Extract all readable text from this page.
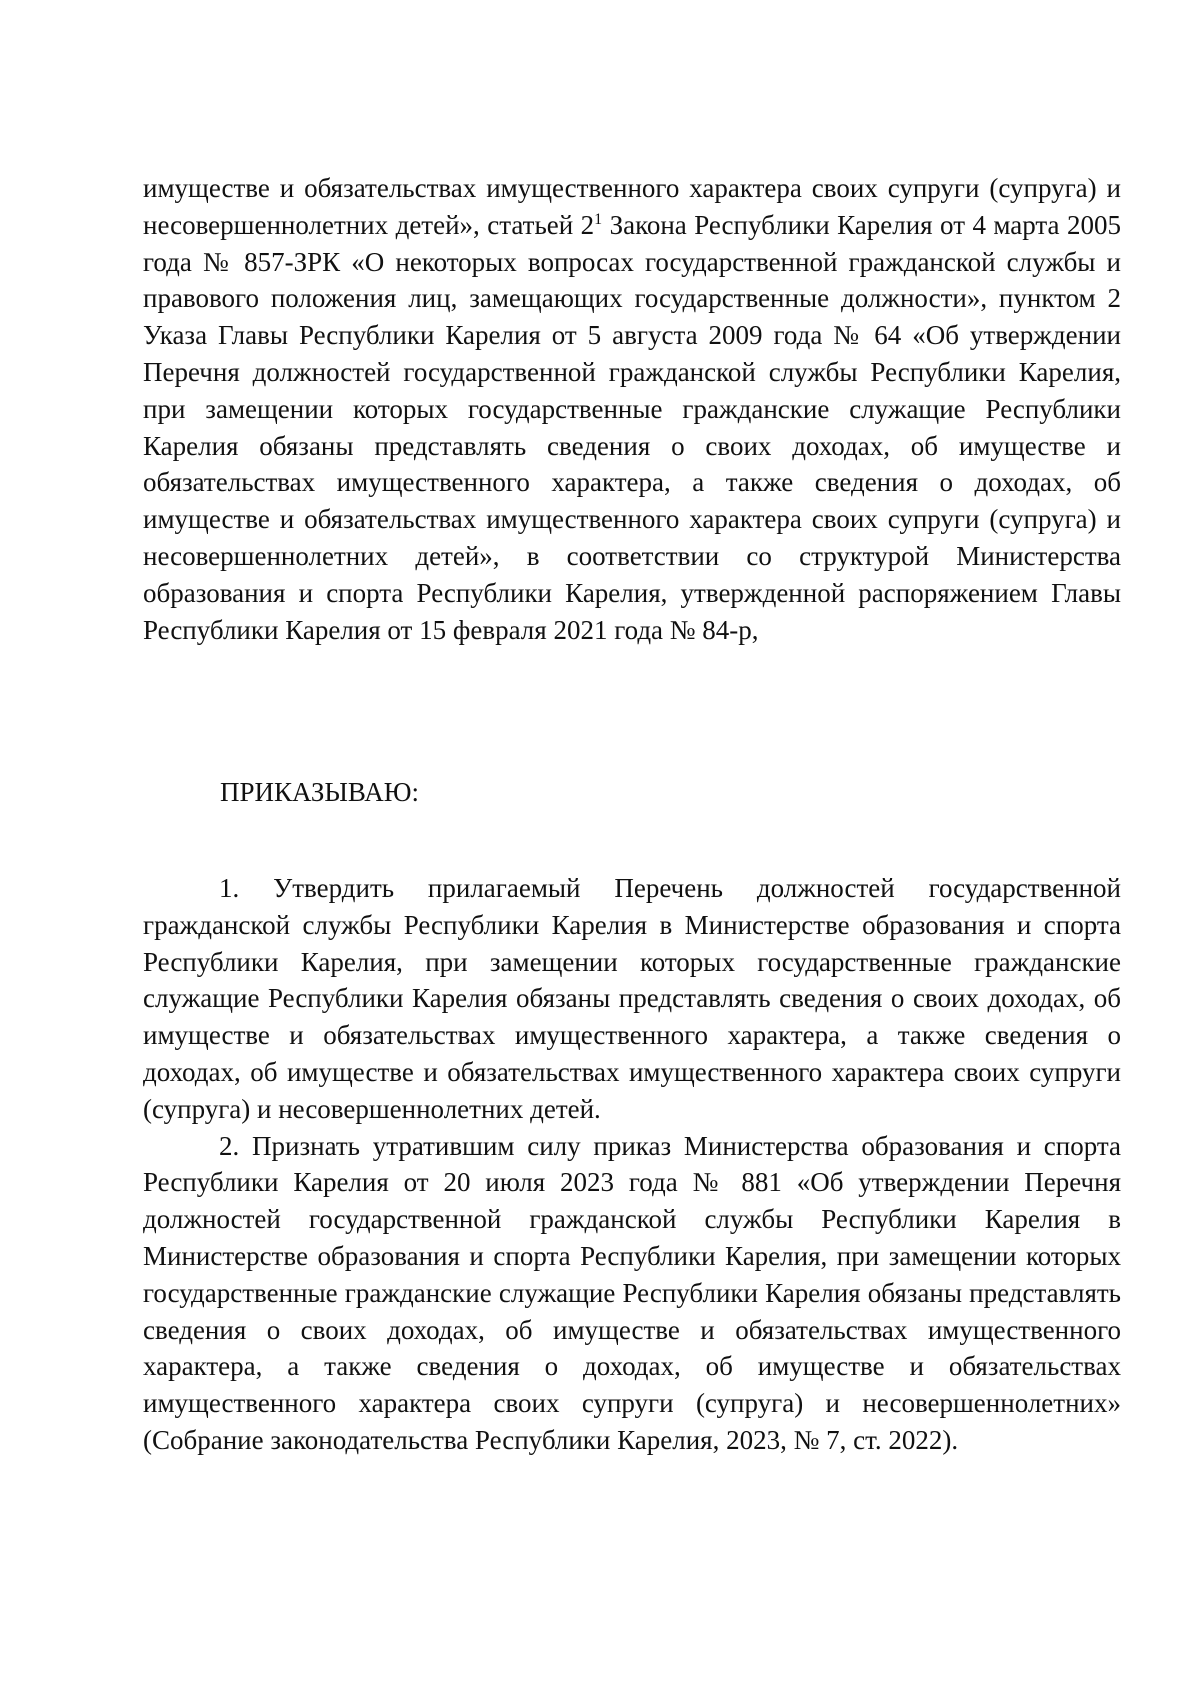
имуществе и обязательствах имущественного характера своих супруги (супруга) и несовершеннолетних детей», статьей $2^1$ Закона Республики Карелия от 4 марта 2005 года № 857-ЗРК «О некоторых вопросах государственной гражданской службы и правового положения лиц, замещающих государственные должности», пунктом 2 Указа Главы Республики Карелия от 5 августа 2009 года № 64 «Об утверждении Перечня должностей государственной гражданской службы Республики Карелия, при замещении которых государственные гражданские служащие Республики Карелия обязаны представлять сведения о своих доходах, об имуществе и обязательствах имущественного характера, а также сведения о доходах, об имуществе и обязательствах имущественного характера своих супруги (супруга) и несовершеннолетних детей», в соответствии со структурой Министерства образования и спорта Республики Карелия, утвержденной распоряжением Главы Республики Карелия от 15 февраля 2021 года № 84-р,

ПРИКАЗЫВАЮ:

1. Утвердить прилагаемый Перечень должностей государственной гражданской службы Республики Карелия в Министерстве образования и спорта Республики Карелия, при замещении которых государственные гражданские служащие Республики Карелия обязаны представлять сведения о своих доходах, об имуществе и обязательствах имущественного характера, а также сведения о доходах, об имуществе и обязательствах имущественного характера своих супруги (супруга) и несовершеннолетних детей.
2. Признать утратившим силу приказ Министерства образования и спорта Республики Карелия от 20 июля 2023 года № 881 «Об утверждении Перечня должностей государственной гражданской службы Республики Карелия в Министерстве образования и спорта Республики Карелия, при замещении которых государственные гражданские служащие Республики Карелия обязаны представлять сведения о своих доходах, об имуществе и обязательствах имущественного характера, а также сведения о доходах, об имуществе и обязательствах имущественного характера своих супруги (супруга) и несовершеннолетних» (Собрание законодательства Республики Карелия, 2023, № 7, ст. 2022).
